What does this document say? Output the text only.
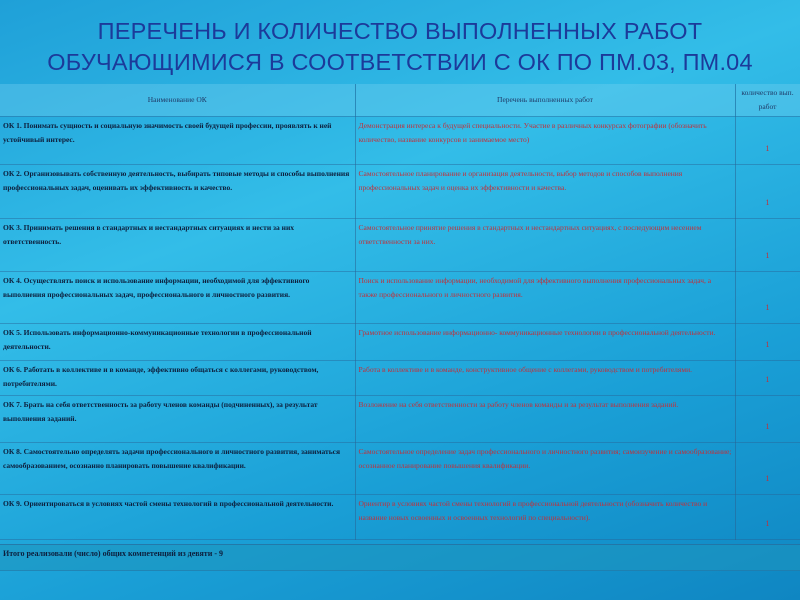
ПЕРЕЧЕНЬ И КОЛИЧЕСТВО ВЫПОЛНЕННЫХ РАБОТ
ОБУЧАЮЩИМИСЯ В СООТВЕТСТВИИ С ОК ПО ПМ.03, ПМ.04
Наименование ОК	Перечень выполненных работ	количество вып. работ
ОК 1. Понимать сущность и социальную значимость своей будущей профессии, проявлять к ней устойчивый интерес.	Демонстрация интереса к будущей специальности. Участие в различных конкурсах фотографии (обозначить количество, название конкурсов и занимаемое место)	1
ОК 2. Организовывать собственную деятельность, выбирать типовые методы и способы выполнения профессиональных задач, оценивать их эффективность и качество.	Самостоятельное планирование и организация деятельности, выбор методов и способов выполнения профессиональных задач и оценка их эффективности и качества.	1
ОК 3. Принимать решения в стандартных и нестандартных ситуациях и нести за них ответственность.	Самостоятельное принятие решения в стандартных и нестандартных ситуациях, с последующим несением ответственности за них.	1
ОК 4. Осуществлять поиск и использование информации, необходимой для эффективного выполнения профессиональных задач, профессионального и личностного развития.	Поиск и использование информации, необходимой для эффективного выполнения профессиональных задач, а также профессионального и личностного развития.	1
ОК 5. Использовать информационно-коммуникационные технологии в профессиональной деятельности.	Грамотное использование информационно- коммуникационные технологии в профессиональной деятельности.	1
ОК 6. Работать в коллективе и в команде, эффективно общаться с коллегами, руководством, потребителями.	Работа в коллективе и в команде, конструктивное общение с коллегами, руководством и потребителями.	1
ОК 7. Брать на себя ответственность за работу членов команды (подчиненных), за результат выполнения заданий.	Возложение на себя ответственности за работу членов команды и за результат выполнения заданий.	1
ОК 8. Самостоятельно определять задачи профессионального и личностного развития, заниматься самообразованием, осознанно планировать повышение квалификации.	Самостоятельное определение задач профессионального и личностного развития; самоизучение и самообразование; осознанное планирование повышения квалификации.	1
ОК 9. Ориентироваться в условиях частой смены технологий в профессиональной деятельности.	Ориентир в условиях частой смены технологий в профессиональной деятельности (обозначить количество и название новых освоенных и освоенных технологий по специальности).	1
Итого реализовали (число) общих компетенций из девяти - 9
